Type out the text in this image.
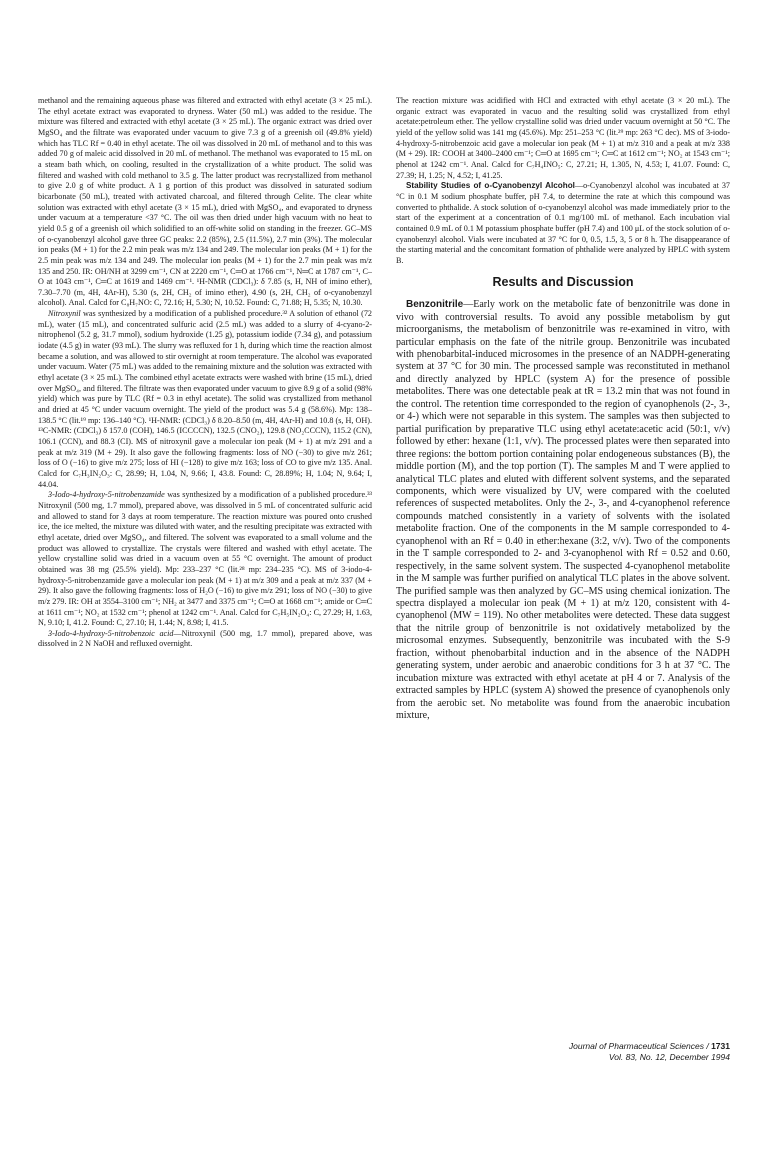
methanol and the remaining aqueous phase was filtered and extracted with ethyl acetate (3 × 25 mL). The ethyl acetate extract was evaporated to dryness. Water (50 mL) was added to the residue. The mixture was filtered and extracted with ethyl acetate (3 × 25 mL). The organic extract was dried over MgSO₄ and the filtrate was evaporated under vacuum to give 7.3 g of a greenish oil (49.8% yield) which has TLC Rf = 0.40 in ethyl acetate. The oil was dissolved in 20 mL of methanol and to this was added 70 g of maleic acid dissolved in 20 mL of methanol. The methanol was evaporated to 15 mL on a steam bath which, on cooling, resulted in the crystallization of a white product. The solid was filtered and washed with cold methanol to 3.5 g. The latter product was recrystallized from methanol to give 2.0 g of white product. A 1 g portion of this product was dissolved in saturated sodium bicarbonate (50 mL), treated with activated charcoal, and filtered through Celite. The clear white solution was extracted with ethyl acetate (3 × 15 mL), dried with MgSO₄, and evaporated to dryness under vacuum at a temperature <37 °C. The oil was then dried under high vacuum with no heat to yield 0.5 g of a greenish oil which solidified to an off-white solid on standing in the freezer. GC–MS of o-cyanobenzyl alcohol gave three GC peaks: 2.2 (85%), 2.5 (11.5%), 2.7 min (3%). The molecular ion peaks (M + 1) for the 2.2 min peak was m/z 134 and 249. The molecular ion peaks (M + 1) for the 2.5 min peak was m/z 134 and 249. The molecular ion peaks (M + 1) for the 2.7 min peak was m/z 135 and 250. IR: OH/NH at 3299 cm⁻¹, CN at 2220 cm⁻¹, C═O at 1766 cm⁻¹, N═C at 1787 cm⁻¹, C–O at 1043 cm⁻¹, C═C at 1619 and 1469 cm⁻¹. ¹H-NMR (CDCl₃): δ 7.85 (s, H, NH of imino ether), 7.30–7.70 (m, 4H, 4Ar-H), 5.30 (s, 2H, CH₂ of imino ether), 4.90 (s, 2H, CH₂ of o-cyanobenzyl alcohol). Anal. Calcd for C₈H₇NO: C, 72.16; H, 5.30; N, 10.52. Found: C, 71.88; H, 5.35; N, 10.30.

Nitroxynil was synthesized by a modification of a published procedure.³² A solution of ethanol (72 mL), water (15 mL), and concentrated sulfuric acid (2.5 mL) was added to a slurry of 4-cyano-2-nitrophenol (5.2 g, 31.7 mmol), sodium hydroxide (1.25 g), potassium iodide (7.34 g), and potassium iodate (4.5 g) in water (93 mL). The slurry was refluxed for 1 h, during which time the reaction almost became a solution, and was allowed to stir overnight at room temperature. The alcohol was evaporated under vacuum. Water (75 mL) was added to the remaining mixture and the solution was extracted with ethyl acetate (3 × 25 mL). The combined ethyl acetate extracts were washed with brine (15 mL), dried over MgSO₄, and filtered. The filtrate was then evaporated under vacuum to give 8.9 g of a solid (98% yield) which was pure by TLC (Rf = 0.3 in ethyl acetate). The solid was crystallized from methanol and dried at 45 °C under vacuum overnight. The yield of the product was 5.4 g (58.6%). Mp: 138–138.5 °C (lit.¹⁹ mp: 136–140 °C). ¹H-NMR: (CDCl₃) δ 8.20–8.50 (m, 4H, 4Ar-H) and 10.8 (s, H, OH). ¹³C-NMR: (CDCl₃) δ 157.0 (COH), 146.5 (ICCCCN), 132.5 (CNO₂), 129.8 (NO₂CCCN), 115.2 (CN), 106.1 (CCN), and 88.3 (CI). MS of nitroxynil gave a molecular ion peak (M + 1) at m/z 291 and a peak at m/z 319 (M + 29). It also gave the following fragments: loss of NO (−30) to give m/z 261; loss of O (−16) to give m/z 275; loss of HI (−128) to give m/z 163; loss of CO to give m/z 135. Anal. Calcd for C₇H₃IN₂O₃: C, 28.99; H, 1.04, N, 9.66; I, 43.8. Found: C, 28.89%; H, 1.04; N, 9.64; I, 44.04.

3-Iodo-4-hydroxy-5-nitrobenzamide was synthesized by a modification of a published procedure.³³ Nitroxynil (500 mg, 1.7 mmol), prepared above, was dissolved in 5 mL of concentrated sulfuric acid and allowed to stand for 3 days at room temperature. The reaction mixture was poured onto crushed ice, the ice melted, the mixture was diluted with water, and the resulting precipitate was extracted with ethyl acetate, dried over MgSO₄, and filtered. The solvent was evaporated to a small volume and the product was allowed to crystallize. The crystals were filtered and washed with ethyl acetate. The yellow crystalline solid was dried in a vacuum oven at 55 °C overnight. The amount of product obtained was 38 mg (25.5% yield). Mp: 233–237 °C (lit.²⁸ mp: 234–235 °C). MS of 3-iodo-4-hydroxy-5-nitrobenzamide gave a molecular ion peak (M + 1) at m/z 309 and a peak at m/z 337 (M + 29). It also gave the following fragments: loss of H₂O (−16) to give m/z 291; loss of NO (−30) to give m/z 279. IR: OH at 3554–3100 cm⁻¹; NH₂ at 3477 and 3375 cm⁻¹; C═O at 1668 cm⁻¹; amide or C═C at 1611 cm⁻¹; NO₂ at 1532 cm⁻¹; phenol at 1242 cm⁻¹. Anal. Calcd for C₇H₅IN₂O₄: C, 27.29; H, 1.63, N, 9.10; I, 41.2. Found: C, 27.10; H, 1.44; N, 8.98; I, 41.5.

3-Iodo-4-hydroxy-5-nitrobenzoic acid—Nitroxynil (500 mg, 1.7 mmol), prepared above, was dissolved in 2 N NaOH and refluxed overnight.

The reaction mixture was acidified with HCl and extracted with ethyl acetate (3 × 20 mL). The organic extract was evaporated in vacuo and the resulting solid was crystallized from ethyl acetate:petroleum ether. The yellow crystalline solid was dried under vacuum overnight at 50 °C. The yield of the yellow solid was 141 mg (45.6%). Mp: 251–253 °C (lit.²⁹ mp: 263 °C dec). MS of 3-iodo-4-hydroxy-5-nitrobenzoic acid gave a molecular ion peak (M + 1) at m/z 310 and a peak at m/z 338 (M + 29). IR: COOH at 3400–2400 cm⁻¹; C═O at 1695 cm⁻¹; C═C at 1612 cm⁻¹; NO₂ at 1543 cm⁻¹; phenol at 1242 cm⁻¹. Anal. Calcd for C₇H₄INO₅: C, 27.21; H, 1.305, N, 4.53; I, 41.07. Found: C, 27.39; H, 1.25; N, 4.52; I, 41.25.

Stability Studies of o-Cyanobenzyl Alcohol—o-Cyanobenzyl alcohol was incubated at 37 °C in 0.1 M sodium phosphate buffer, pH 7.4, to determine the rate at which this compound was converted to phthalide. A stock solution of o-cyanobenzyl alcohol was made immediately prior to the start of the experiment at a concentration of 0.1 mg/100 mL of methanol. Each incubation vial contained 0.9 mL of 0.1 M potassium phosphate buffer (pH 7.4) and 100 μL of the stock solution of o-cyanobenzyl alcohol. Vials were incubated at 37 °C for 0, 0.5, 1.5, 3, 5 or 8 h. The disappearance of the starting material and the concomitant formation of phthalide were analyzed by HPLC with system B.

Results and Discussion

Benzonitrile—Early work on the metabolic fate of benzonitrile was done in vivo with controversial results. To avoid any possible metabolism by gut microorganisms, the metabolism of benzonitrile was re-examined in vitro, with particular emphasis on the fate of the nitrile group. Benzonitrile was incubated with phenobarbital-induced microsomes in the presence of an NADPH-generating system at 37 °C for 30 min. The processed sample was reconstituted in methanol and directly analyzed by HPLC (system A) for the presence of possible metabolites. There was one detectable peak at tR = 13.2 min that was not found in the control. The retention time corresponded to the region of cyanophenols (2-, 3-, or 4-) which were not separable in this system. The samples was then subjected to partial purification by preparative TLC using ethyl acetate:acetic acid (50:1, v/v) followed by ether: hexane (1:1, v/v). The processed plates were then separated into three regions: the bottom portion containing polar endogeneous substances (B), the middle portion (M), and the top portion (T). The samples M and T were applied to analytical TLC plates and eluted with different solvent systems, and the separated components, which were visualized by UV, were compared with the coeluted references of suspected metabolites. Only the 2-, 3-, and 4-cyanophenol reference compounds matched consistently in a variety of solvents with the isolated metabolite fraction. One of the components in the M sample corresponded to 4-cyanophenol with an Rf = 0.40 in ether:hexane (3:2, v/v). Two of the components in the T sample corresponded to 2- and 3-cyanophenol with Rf = 0.52 and 0.60, respectively, in the same solvent system. The suspected 4-cyanophenol metabolite in the M sample was further purified on analytical TLC plates in the above solvent. The purified sample was then analyzed by GC–MS using chemical ionization. The spectra displayed a molecular ion peak (M + 1) at m/z 120, consistent with 4-cyanophenol (MW = 119). No other metabolites were detected. These data suggest that the nitrile group of benzonitrile is not oxidatively metabolized by the microsomal enzymes. Subsequently, benzonitrile was incubated with the S-9 fraction, without phenobarbital induction and in the absence of the NADPH generating system, under aerobic and anaerobic conditions for 3 h at 37 °C. The incubation mixture was extracted with ethyl acetate at pH 4 or 7. Analysis of the extracted samples by HPLC (system A) showed the presence of cyanophenols only from the aerobic set. No metabolite was found from the anaerobic incubation mixture,

Journal of Pharmaceutical Sciences / 1731
Vol. 83, No. 12, December 1994
